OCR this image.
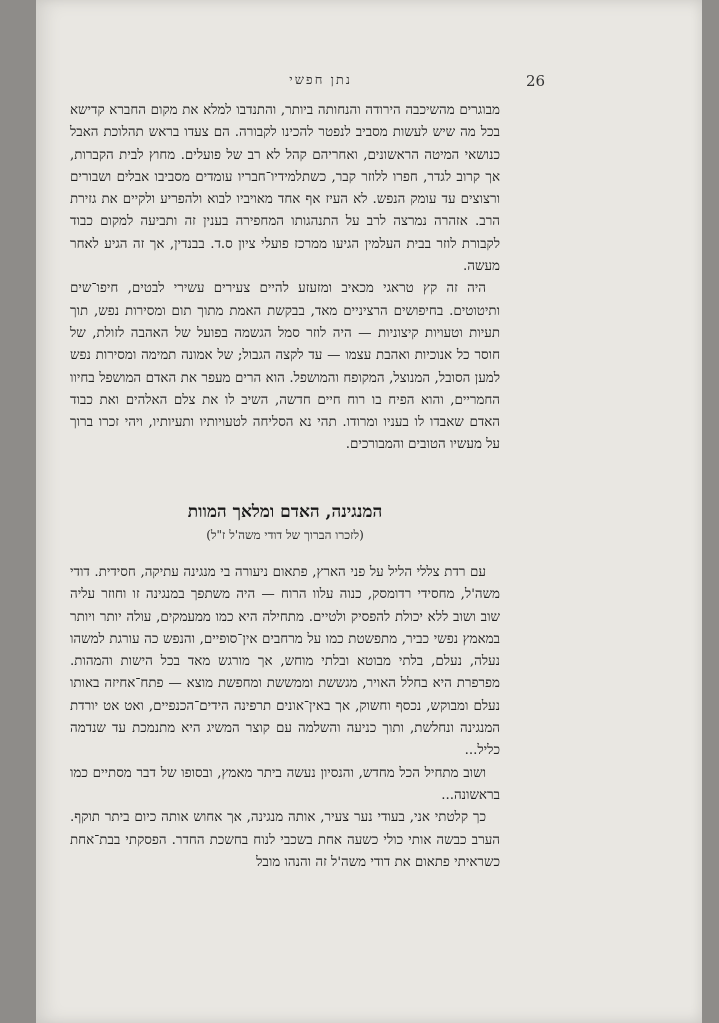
נתן חפשי	26

מבוגרים מהשיכבה הירודה והנחותה ביותר, והתנדבו למלא את מקום החברא קדישא בכל מה שיש לעשות מסביב לנפטר להכינו לקבורה. הם צעדו בראש תהלוכת האבל כנושאי המיטה הראשונים, ואחריהם קהל לא רב של פועלים. מחוץ לבית הקברות, אך קרוב לגדר, חפרו ללוזר קבר, כשתלמידיו־חבריו עומדים מסביבו אבלים ושבורים ורצוצים עד עומק הנפש. לא העיז אף אחד מאויביו לבוא ולהפריע ולקיים את גזירת הרב. אזהרה נמרצה לרב על התנהגותו המחפירה בענין זה ותביעה למקום כבוד לקבורת לוזר בבית העלמין הגיעו ממרכז פועלי ציון ס.ד. בבנדין, אך זה הגיע לאחר מעשה.

היה זה קץ טראגי מכאיב ומזעזע להיים צעירים עשירי לבטים, חיפו־שים ותיטוטים. בחיפושים הרציניים מאד, בבקשת האמת מתוך תום ומסירות נפש, תוך תעיות וטעויות קיצוניות — היה לוזר סמל הגשמה בפועל של האהבה לזולת, של חוסר כל אנוכיות ואהבת עצמו — עד לקצה הגבול; של אמונה תמימה ומסירות נפש למען הסובל, המנוצל, המקופח והמושפל. הוא הרים מעפר את האדם המושפל בחיוו החמריים, והוא הפיח בו רוח חיים חדשה, השיב לו את צלם האלהים ואת כבוד האדם שאבדו לו בעניו ומרודו. תהי נא הסליחה לטעויותיו ותעיותיו, ויהי זכרו ברוך על מעשיו הטובים והמבורכים.

המנגינה, האדם ומלאך המוות
(לזכרו הברוך של דודי משה'ל ז"ל)

עם רדת צללי הליל על פני הארץ, פתאום ניעורה בי מנגינה עתיקה, חסידית. דודי משה'ל, מחסידי רדומסק, כנוה עלוו הרוח — היה משתפך במנגינה זו וחוזר עליה שוב ושוב ללא יכולת להפסיק ולטיים. מתחילה היא כמו ממעמקים, עולה יותר ויותר במאמץ נפשי כביר, מתפשטת כמו על מרחבים אין־סופיים, והנפש כה עורגת למשהו נעלה, נעלם, בלתי מבוטא ובלתי מוחש, אך מורגש מאד בכל הישות והמהות. מפרפרת היא בחלל האויר, מגששת וממששת ומחפשת מוצא — פתח־אחיזה באותו נעלם ומבוקש, נכסף וחשוק, אך באין־אונים תרפינה הידים־הכנפיים, ואט אט יורדת המנגינה ונחלשת, ותוך כניעה והשלמה עם קוצר המשיג היא מתנמכת עד שנדמה כליל...

ושוב מתחיל הכל מחדש, והנסיון נעשה ביתר מאמץ, ובסופו של דבר מסתיים כמו בראשונה...

כך קלטתי אני, בעודי נער צעיר, אותה מנגינה, אך אחוש אותה כיום ביתר תוקף. הערב כבשה אותי כולי כשעה אחת בשכבי לנוח בחשכת החדר. הפסקתי בבת־אחת כשראיתי פתאום את דודי משה'ל זה והנהו מובל
